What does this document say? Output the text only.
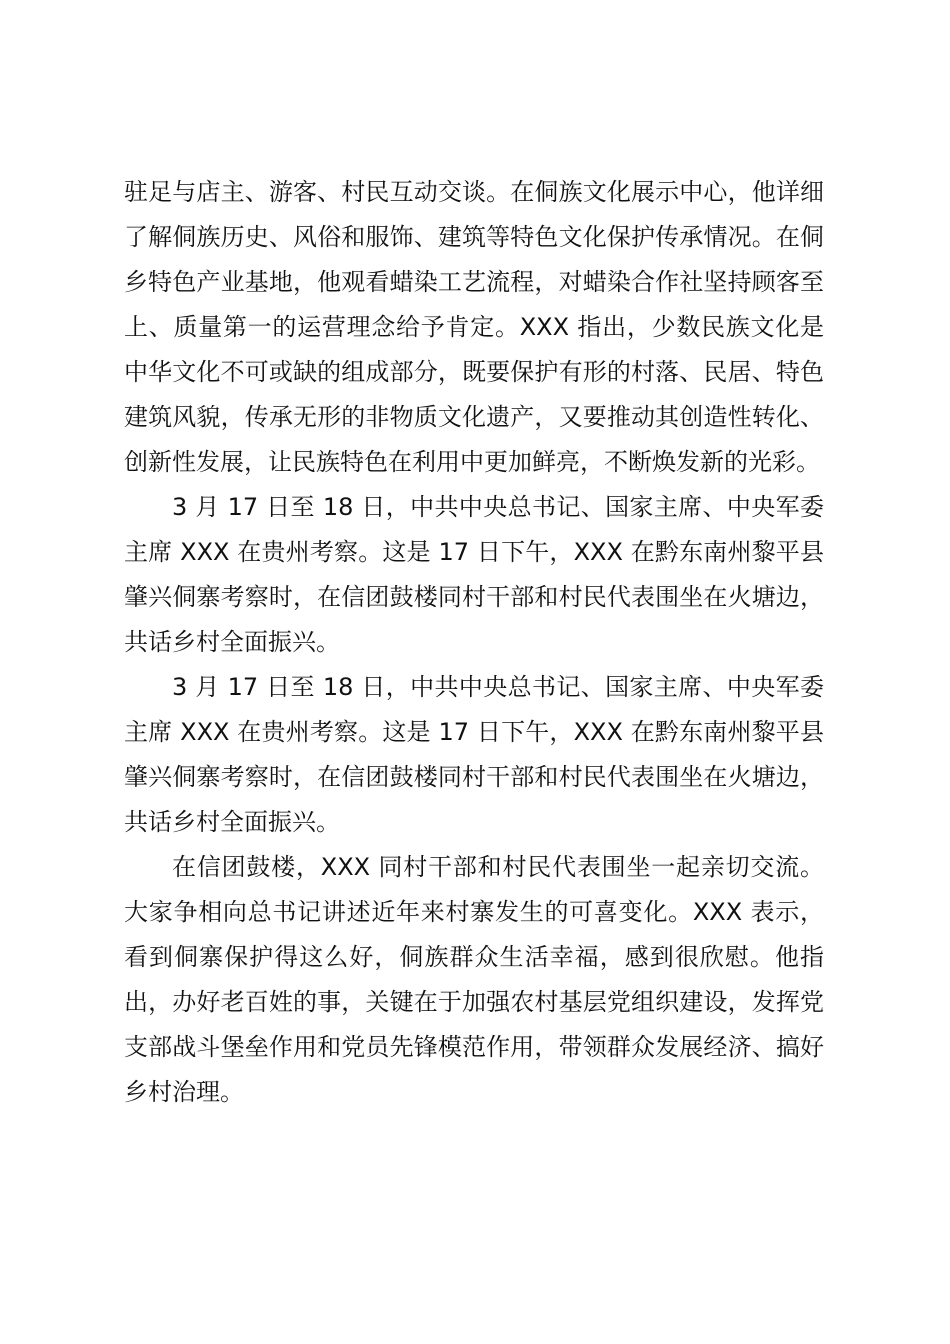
驻足与店主、游客、村民互动交谈。在侗族文化展示中心，他详细了解侗族历史、风俗和服饰、建筑等特色文化保护传承情况。在侗乡特色产业基地，他观看蜡染工艺流程，对蜡染合作社坚持顾客至上、质量第一的运营理念给予肯定。XXX 指出，少数民族文化是中华文化不可或缺的组成部分，既要保护有形的村落、民居、特色建筑风貌，传承无形的非物质文化遗产，又要推动其创造性转化、创新性发展，让民族特色在利用中更加鲜亮，不断焕发新的光彩。

3 月 17 日至 18 日，中共中央总书记、国家主席、中央军委主席 XXX 在贵州考察。这是 17 日下午，XXX 在黔东南州黎平县肇兴侗寨考察时，在信团鼓楼同村干部和村民代表围坐在火塘边，共话乡村全面振兴。

3 月 17 日至 18 日，中共中央总书记、国家主席、中央军委主席 XXX 在贵州考察。这是 17 日下午，XXX 在黔东南州黎平县肇兴侗寨考察时，在信团鼓楼同村干部和村民代表围坐在火塘边，共话乡村全面振兴。

在信团鼓楼，XXX 同村干部和村民代表围坐一起亲切交流。大家争相向总书记讲述近年来村寨发生的可喜变化。XXX 表示，看到侗寨保护得这么好，侗族群众生活幸福，感到很欣慰。他指出，办好老百姓的事，关键在于加强农村基层党组织建设，发挥党支部战斗堡垒作用和党员先锋模范作用，带领群众发展经济、搞好乡村治理。
